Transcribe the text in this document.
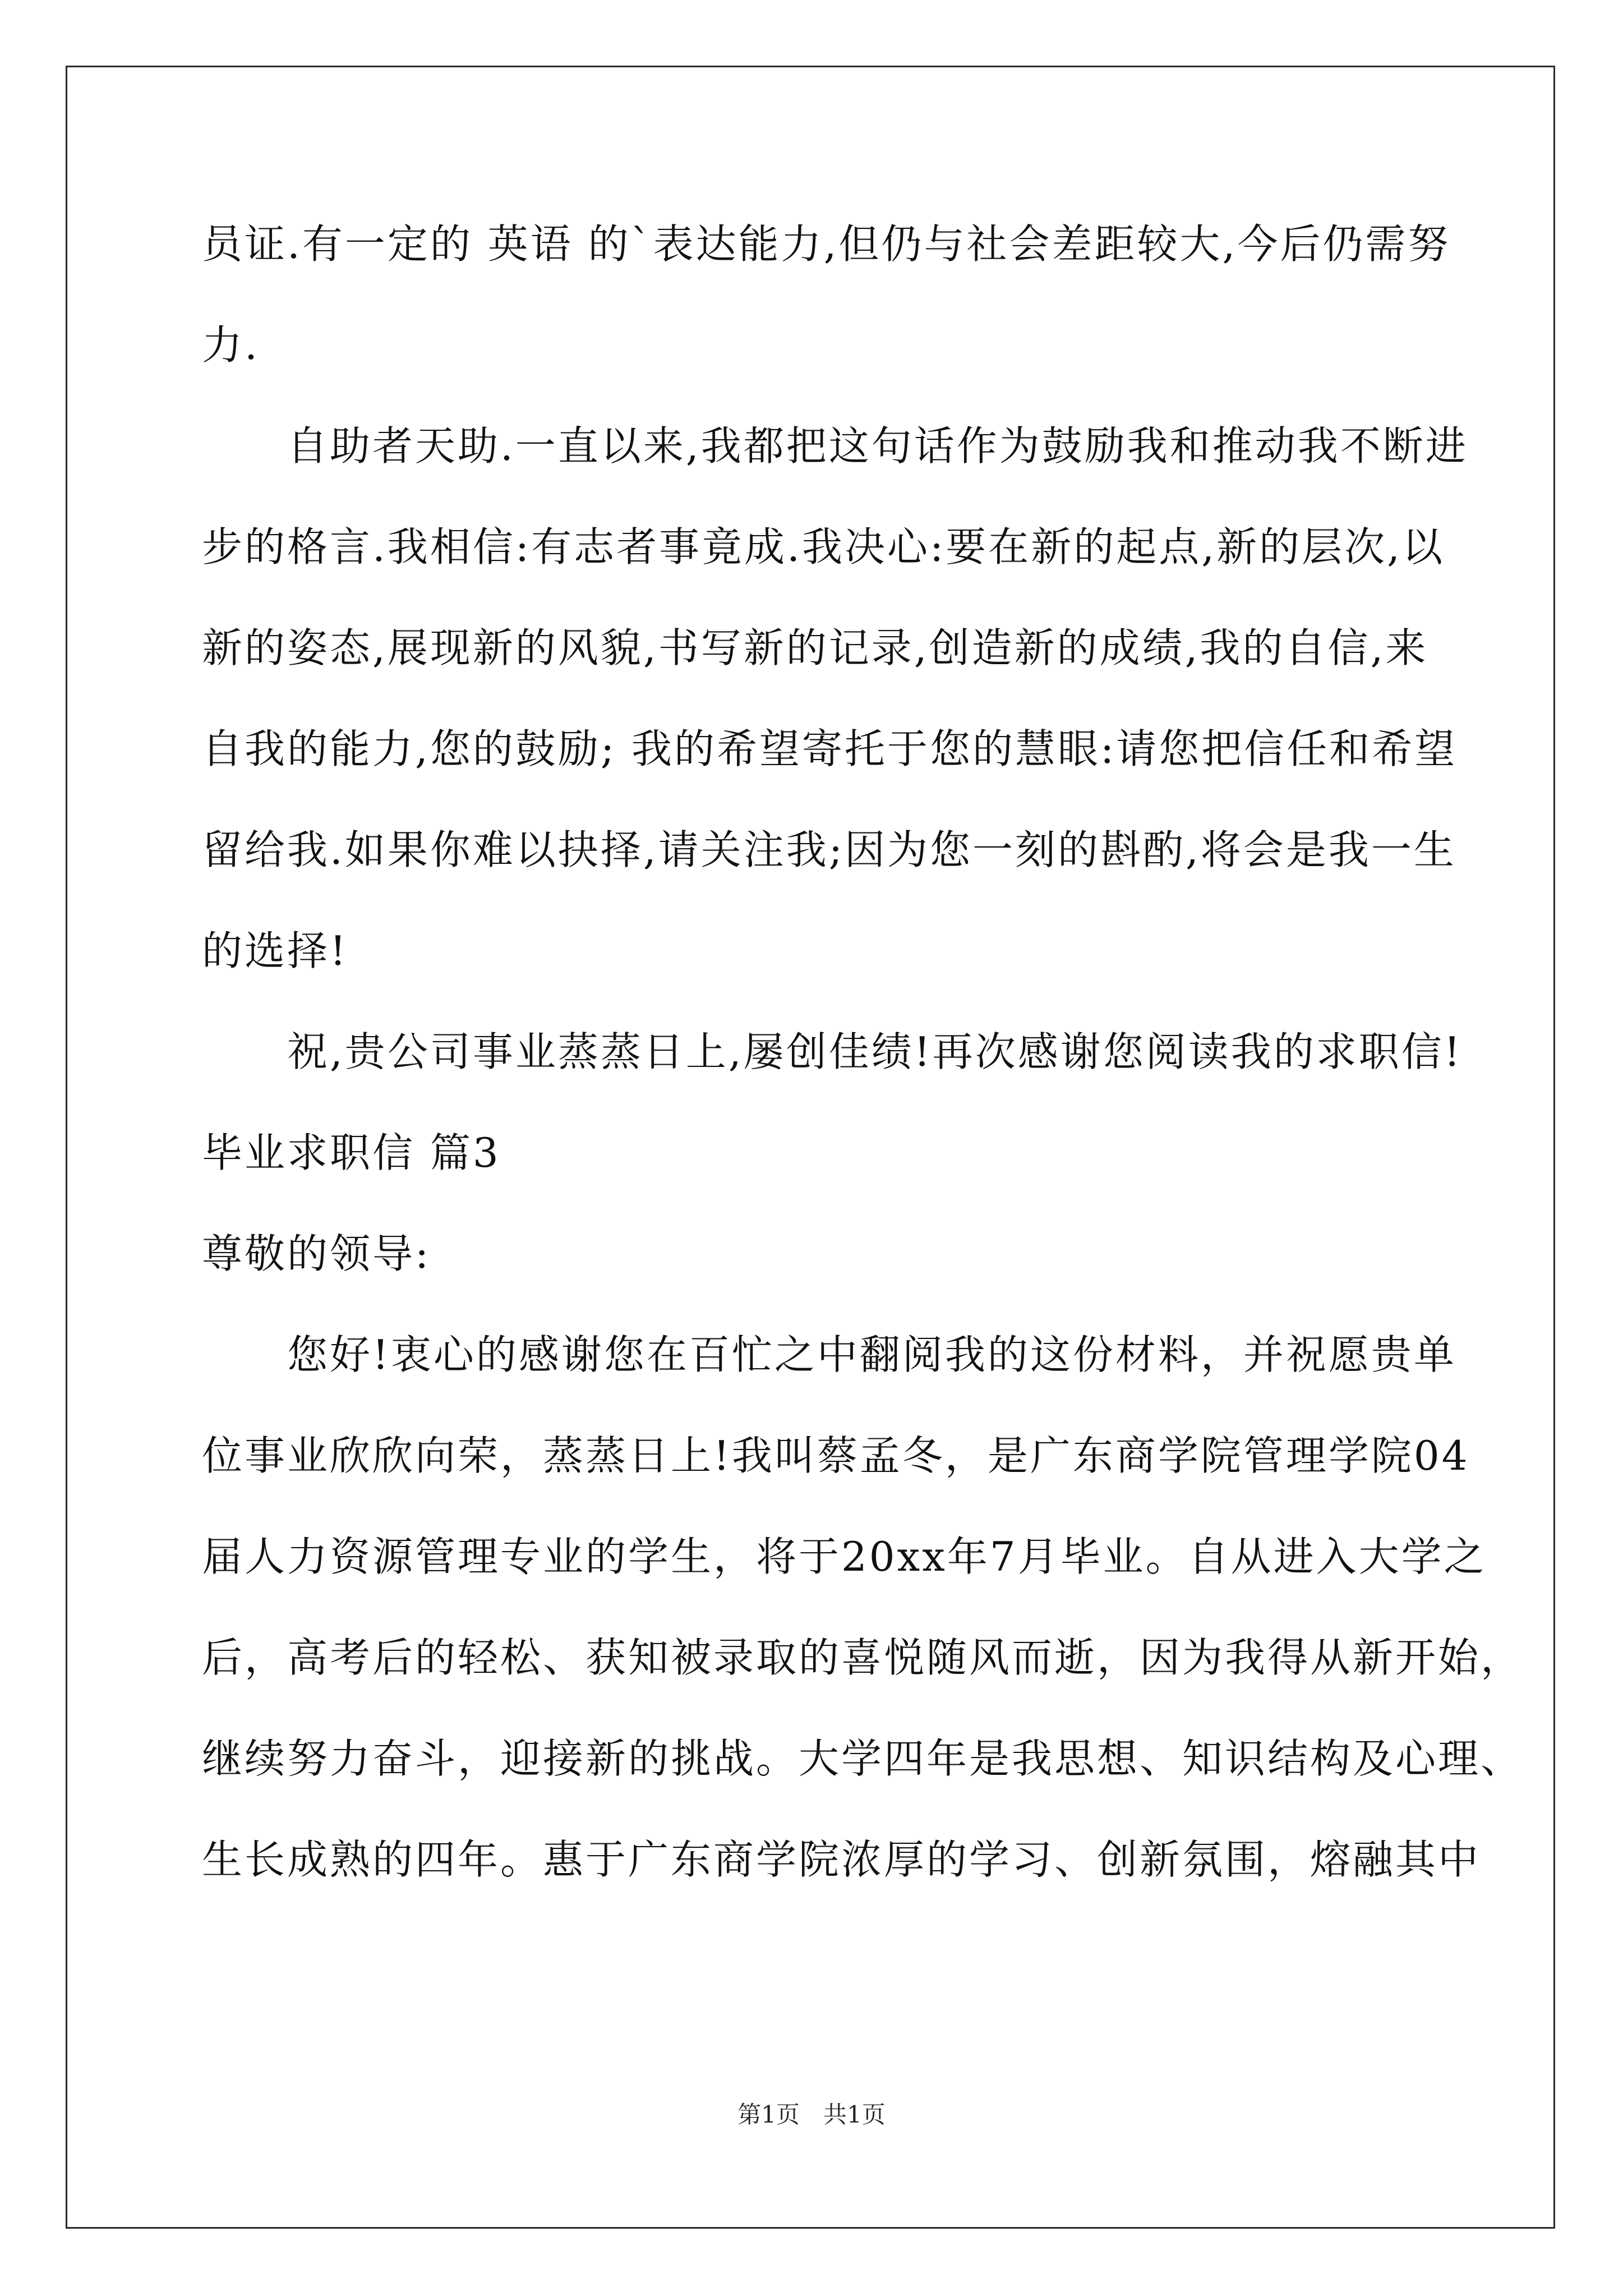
员证.有一定的 英语 的`表达能力,但仍与社会差距较大,今后仍需努
力.
　　自助者天助.一直以来,我都把这句话作为鼓励我和推动我不断进
步的格言.我相信:有志者事竟成.我决心:要在新的起点,新的层次,以
新的姿态,展现新的风貌,书写新的记录,创造新的成绩,我的自信,来
自我的能力,您的鼓励; 我的希望寄托于您的慧眼:请您把信任和希望
留给我.如果你难以抉择,请关注我;因为您一刻的斟酌,将会是我一生
的选择!
　　祝,贵公司事业蒸蒸日上,屡创佳绩!再次感谢您阅读我的求职信!
毕业求职信 篇3
尊敬的领导:
　　您好!衷心的感谢您在百忙之中翻阅我的这份材料，并祝愿贵单
位事业欣欣向荣，蒸蒸日上!我叫蔡孟冬，是广东商学院管理学院04
届人力资源管理专业的学生，将于20xx年7月毕业。自从进入大学之
后，高考后的轻松、获知被录取的喜悦随风而逝，因为我得从新开始，
继续努力奋斗，迎接新的挑战。大学四年是我思想、知识结构及心理、
生长成熟的四年。惠于广东商学院浓厚的学习、创新氛围，熔融其中
第1页　共1页
